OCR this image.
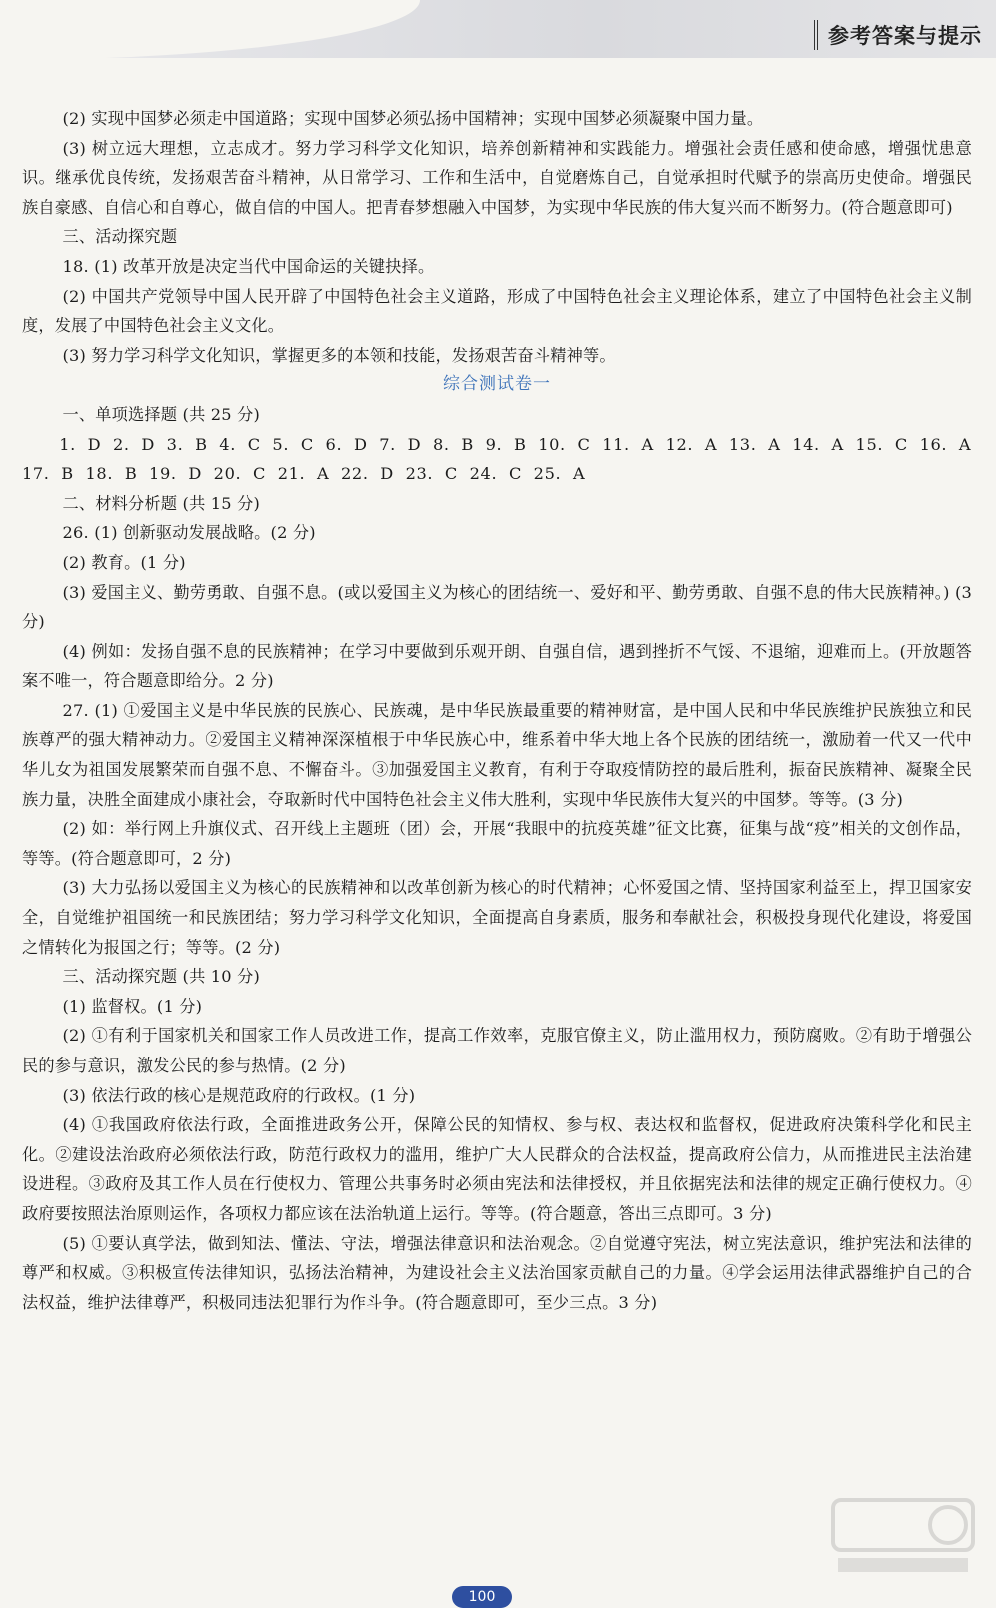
参考答案与提示

(2) 实现中国梦必须走中国道路；实现中国梦必须弘扬中国精神；实现中国梦必须凝聚中国力量。

(3) 树立远大理想，立志成才。努力学习科学文化知识，培养创新精神和实践能力。增强社会责任感和使命感，增强忧患意识。继承优良传统，发扬艰苦奋斗精神，从日常学习、工作和生活中，自觉磨炼自己，自觉承担时代赋予的崇高历史使命。增强民族自豪感、自信心和自尊心，做自信的中国人。把青春梦想融入中国梦，为实现中华民族的伟大复兴而不断努力。(符合题意即可)

三、活动探究题

18. (1) 改革开放是决定当代中国命运的关键抉择。

(2) 中国共产党领导中国人民开辟了中国特色社会主义道路，形成了中国特色社会主义理论体系，建立了中国特色社会主义制度，发展了中国特色社会主义文化。

(3) 努力学习科学文化知识，掌握更多的本领和技能，发扬艰苦奋斗精神等。

综合测试卷一

一、单项选择题 (共 25 分)

1. D 2. D 3. B 4. C 5. C 6. D 7. D 8. B 9. B 10. C 11. A 12. A 13. A 14. A 15. C 16. A

17. B 18. B 19. D 20. C 21. A 22. D 23. C 24. C 25. A

二、材料分析题 (共 15 分)

26. (1) 创新驱动发展战略。(2 分)

(2) 教育。(1 分)

(3) 爱国主义、勤劳勇敢、自强不息。(或以爱国主义为核心的团结统一、爱好和平、勤劳勇敢、自强不息的伟大民族精神。) (3 分)

(4) 例如：发扬自强不息的民族精神；在学习中要做到乐观开朗、自强自信，遇到挫折不气馁、不退缩，迎难而上。(开放题答案不唯一，符合题意即给分。2 分)

27. (1) ①爱国主义是中华民族的民族心、民族魂，是中华民族最重要的精神财富，是中国人民和中华民族维护民族独立和民族尊严的强大精神动力。②爱国主义精神深深植根于中华民族心中，维系着中华大地上各个民族的团结统一，激励着一代又一代中华儿女为祖国发展繁荣而自强不息、不懈奋斗。③加强爱国主义教育，有利于夺取疫情防控的最后胜利，振奋民族精神、凝聚全民族力量，决胜全面建成小康社会，夺取新时代中国特色社会主义伟大胜利，实现中华民族伟大复兴的中国梦。等等。(3 分)

(2) 如：举行网上升旗仪式、召开线上主题班（团）会，开展“我眼中的抗疫英雄”征文比赛，征集与战“疫”相关的文创作品，等等。(符合题意即可，2 分)

(3) 大力弘扬以爱国主义为核心的民族精神和以改革创新为核心的时代精神；心怀爱国之情、坚持国家利益至上，捍卫国家安全，自觉维护祖国统一和民族团结；努力学习科学文化知识，全面提高自身素质，服务和奉献社会，积极投身现代化建设，将爱国之情转化为报国之行；等等。(2 分)

三、活动探究题 (共 10 分)

(1) 监督权。(1 分)

(2) ①有利于国家机关和国家工作人员改进工作，提高工作效率，克服官僚主义，防止滥用权力，预防腐败。②有助于增强公民的参与意识，激发公民的参与热情。(2 分)

(3) 依法行政的核心是规范政府的行政权。(1 分)

(4) ①我国政府依法行政，全面推进政务公开，保障公民的知情权、参与权、表达权和监督权，促进政府决策科学化和民主化。②建设法治政府必须依法行政，防范行政权力的滥用，维护广大人民群众的合法权益，提高政府公信力，从而推进民主法治建设进程。③政府及其工作人员在行使权力、管理公共事务时必须由宪法和法律授权，并且依据宪法和法律的规定正确行使权力。④政府要按照法治原则运作，各项权力都应该在法治轨道上运行。等等。(符合题意，答出三点即可。3 分)

(5) ①要认真学法，做到知法、懂法、守法，增强法律意识和法治观念。②自觉遵守宪法，树立宪法意识，维护宪法和法律的尊严和权威。③积极宣传法律知识，弘扬法治精神，为建设社会主义法治国家贡献自己的力量。④学会运用法律武器维护自己的合法权益，维护法律尊严，积极同违法犯罪行为作斗争。(符合题意即可，至少三点。3 分)

100
